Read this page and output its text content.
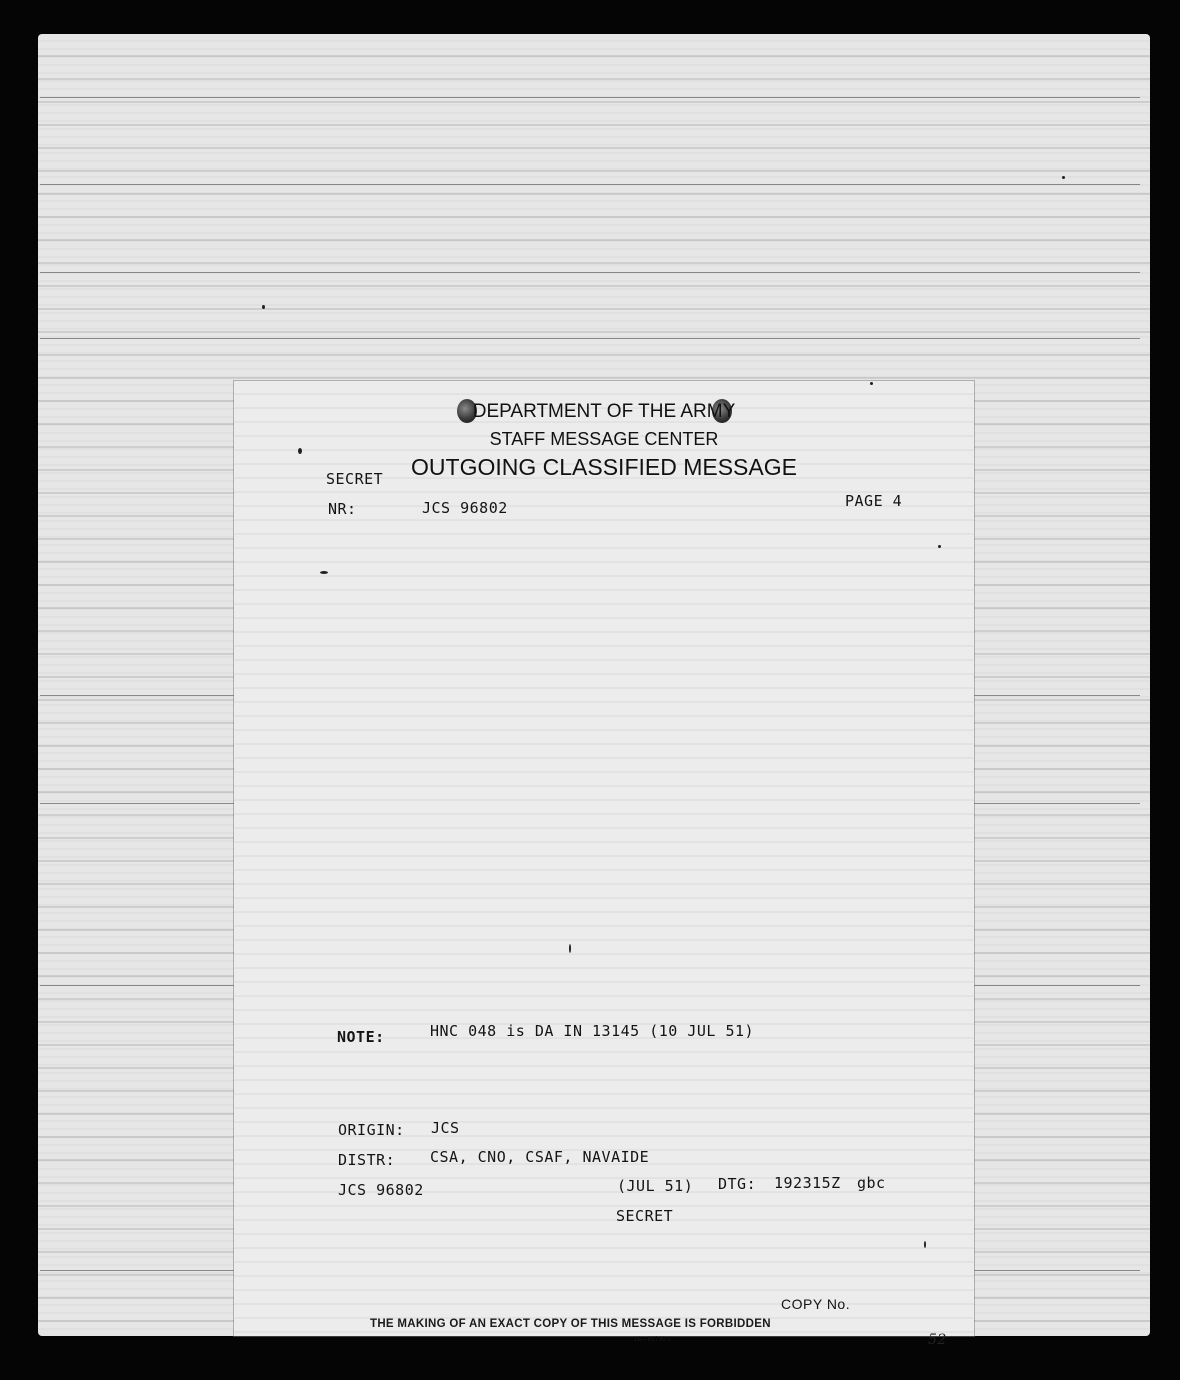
DEPARTMENT OF THE ARMY
STAFF MESSAGE CENTER
OUTGOING CLASSIFIED MESSAGE
SECRET
NR:	JCS 96802	PAGE 4
NOTE:	HNC 048 is DA IN 13145 (10 JUL 51)
ORIGIN: JCS
DISTR: CSA, CNO, CSAF, NAVAIDE
JCS 96802	(JUL 51) DTG: 192315Z gbc
SECRET
COPY No.
THE MAKING OF AN EXACT COPY OF THIS MESSAGE IS FORBIDDEN
16—63730-1	52
